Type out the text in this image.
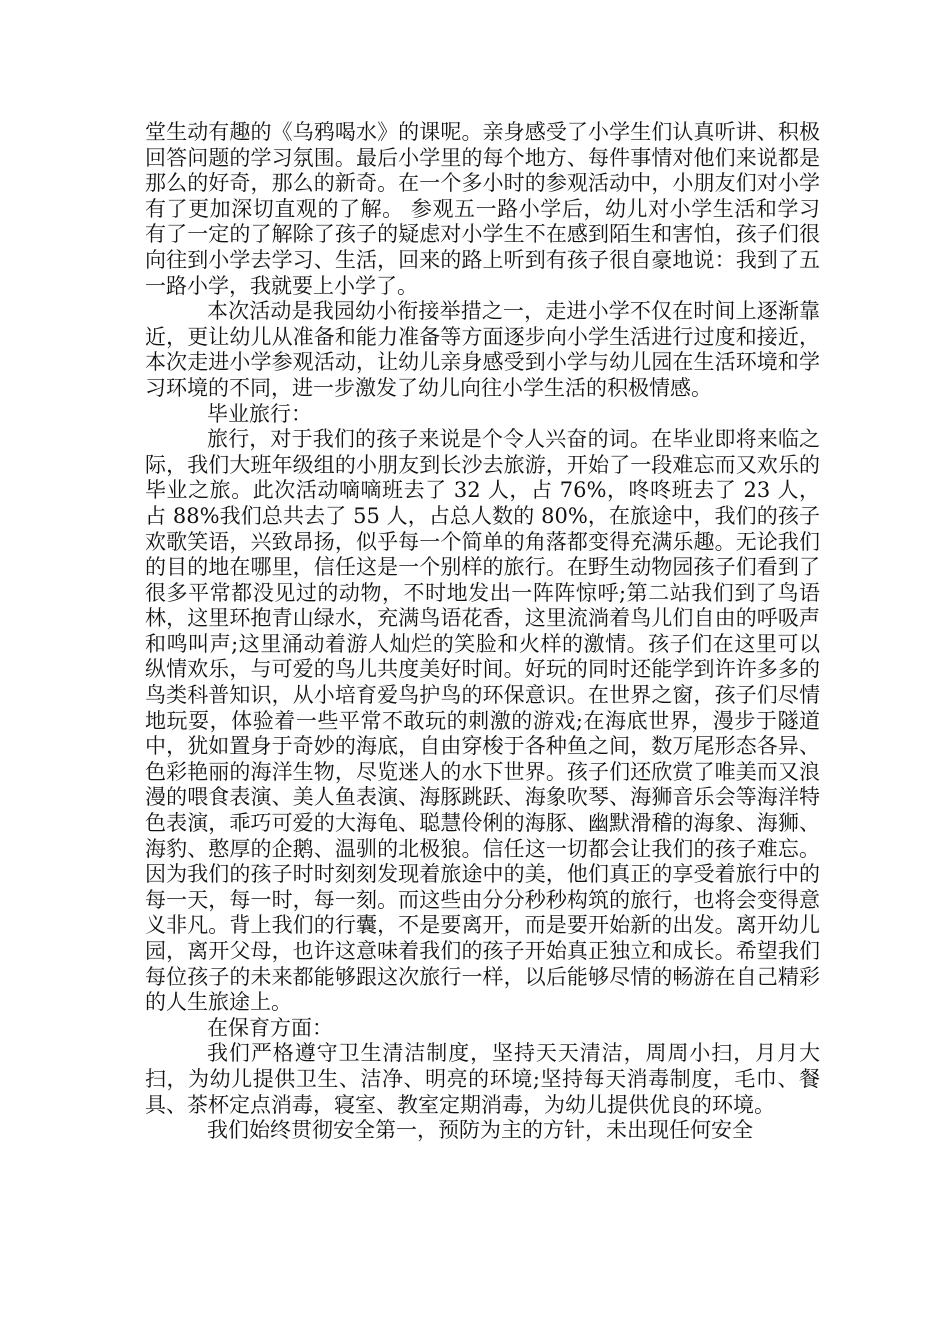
堂生动有趣的《乌鸦喝水》的课呢。亲身感受了小学生们认真听讲、积极回答问题的学习氛围。最后小学里的每个地方、每件事情对他们来说都是那么的好奇，那么的新奇。在一个多小时的参观活动中，小朋友们对小学有了更加深切直观的了解。 参观五一路小学后，幼儿对小学生活和学习有了一定的了解除了孩子的疑虑对小学生不在感到陌生和害怕，孩子们很向往到小学去学习、生活，回来的路上听到有孩子很自豪地说：我到了五一路小学，我就要上小学了。

本次活动是我园幼小衔接举措之一，走进小学不仅在时间上逐渐靠近，更让幼儿从准备和能力准备等方面逐步向小学生活进行过度和接近，本次走进小学参观活动，让幼儿亲身感受到小学与幼儿园在生活环境和学习环境的不同，进一步激发了幼儿向往小学生活的积极情感。

毕业旅行：

旅行，对于我们的孩子来说是个令人兴奋的词。在毕业即将来临之际，我们大班年级组的小朋友到长沙去旅游，开始了一段难忘而又欢乐的毕业之旅。此次活动嘀嘀班去了 32 人，占 76%，咚咚班去了 23 人，占 88%我们总共去了 55 人，占总人数的 80%，在旅途中，我们的孩子欢歌笑语，兴致昂扬，似乎每一个简单的角落都变得充满乐趣。无论我们的目的地在哪里，信任这是一个别样的旅行。在野生动物园孩子们看到了很多平常都没见过的动物，不时地发出一阵阵惊呼;第二站我们到了鸟语林，这里环抱青山绿水，充满鸟语花香，这里流淌着鸟儿们自由的呼吸声和鸣叫声;这里涌动着游人灿烂的笑脸和火样的激情。孩子们在这里可以纵情欢乐，与可爱的鸟儿共度美好时间。好玩的同时还能学到许许多多的鸟类科普知识，从小培育爱鸟护鸟的环保意识。在世界之窗，孩子们尽情地玩耍，体验着一些平常不敢玩的刺激的游戏;在海底世界，漫步于隧道中，犹如置身于奇妙的海底，自由穿梭于各种鱼之间，数万尾形态各异、色彩艳丽的海洋生物，尽览迷人的水下世界。孩子们还欣赏了唯美而又浪漫的喂食表演、美人鱼表演、海豚跳跃、海象吹琴、海狮音乐会等海洋特色表演，乖巧可爱的大海龟、聪慧伶俐的海豚、幽默滑稽的海象、海狮、海豹、憨厚的企鹅、温驯的北极狼。信任这一切都会让我们的孩子难忘。因为我们的孩子时时刻刻发现着旅途中的美，他们真正的享受着旅行中的每一天，每一时，每一刻。而这些由分分秒秒构筑的旅行，也将会变得意义非凡。背上我们的行囊，不是要离开，而是要开始新的出发。离开幼儿园，离开父母，也许这意味着我们的孩子开始真正独立和成长。希望我们每位孩子的未来都能够跟这次旅行一样，以后能够尽情的畅游在自己精彩的人生旅途上。

在保育方面：

我们严格遵守卫生清洁制度，坚持天天清洁，周周小扫，月月大扫，为幼儿提供卫生、洁净、明亮的环境;坚持每天消毒制度，毛巾、餐具、茶杯定点消毒，寝室、教室定期消毒，为幼儿提供优良的环境。

我们始终贯彻安全第一，预防为主的方针，未出现任何安全
